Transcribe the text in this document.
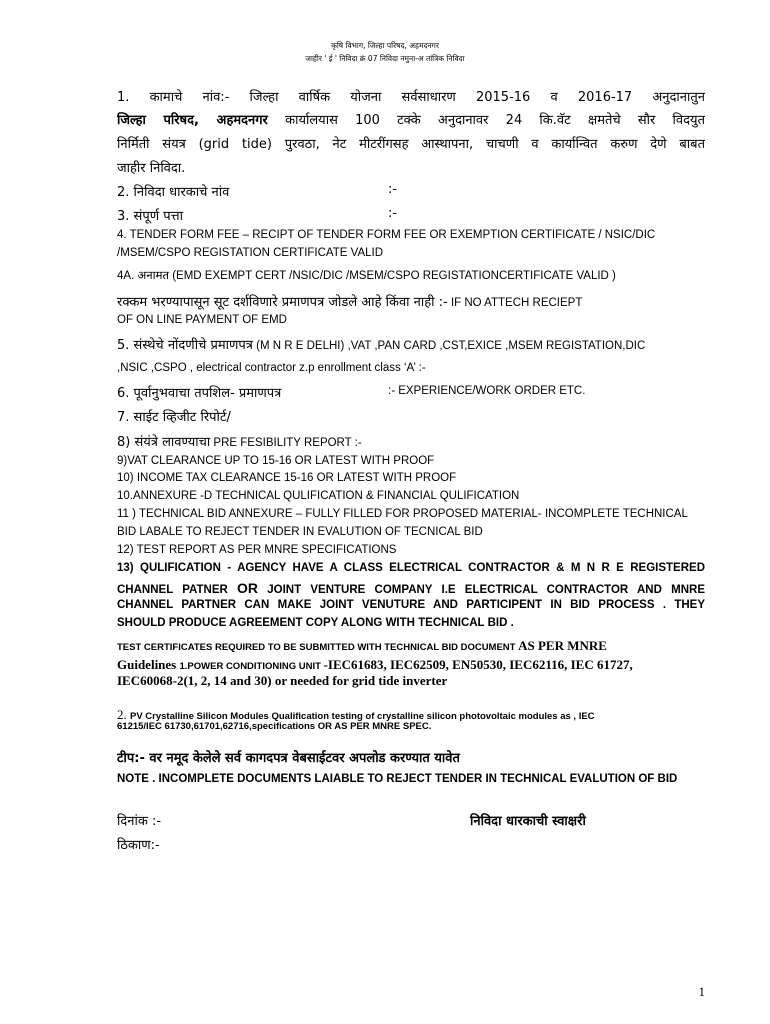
कृषि विभाग, जिल्हा परिषद, अहमदनगर
जाहीर ' ई ' निविदा क्रं 07 निविदा नमुना-अ तांत्रिक निविदा
1. कामाचे नांव:- जिल्हा वार्षिक योजना सर्वसाधारण 2015-16 व 2016-17 अनुदानातुन
जिल्हा परिषद, अहमदनगर कार्यालयास 100 टक्के अनुदानावर 24 कि.वॅट क्षमतेचे सौर विदयुत
निर्मिती संयत्र (grid tide) पुरवठा, नेट मीटरींगसह आस्थापना, चाचणी व कार्यान्वित करुण देणे बाबत
जाहीर निविदा.
2. निविदा धारकाचे नांव	:-
3. संपूर्ण पत्ता	:-
4. TENDER FORM FEE – RECIPT OF TENDER FORM FEE OR EXEMPTION CERTIFICATE / NSIC/DIC
/MSEM/CSPO REGISTATION CERTIFICATE VALID
4A. अनामत (EMD EXEMPT CERT /NSIC/DIC /MSEM/CSPO REGISTATIONCERTIFICATE VALID )
रक्कम भरण्यापासून सूट दर्शविणारे प्रमाणपत्र जोडले आहे किंवा नाही :- IF NO ATTECH RECIEPT
OF ON LINE PAYMENT OF EMD
5. संस्थेचे नोंदणीचे प्रमाणपत्र (M N R E DELHI) ,VAT ,PAN CARD ,CST,EXICE ,MSEM REGISTATION,DIC
,NSIC ,CSPO , electrical contractor z.p enrollment class ‘A’ :-
6. पूर्वानुभवाचा तपशिल- प्रमाणपत्र	:- EXPERIENCE/WORK ORDER ETC.
7. साईट व्हिजीट रिपोर्ट/
8) संयंत्रे लावण्याचा PRE FESIBILITY REPORT :-
9)VAT CLEARANCE UP TO 15-16 OR LATEST WITH PROOF
10) INCOME TAX CLEARANCE 15-16 OR LATEST WITH PROOF
10.ANNEXURE -D TECHNICAL QULIFICATION & FINANCIAL QULIFICATION
11 ) TECHNICAL BID ANNEXURE – FULLY FILLED FOR PROPOSED MATERIAL- INCOMPLETE TECHNICAL
BID LABALE TO REJECT TENDER IN EVALUTION OF TECNICAL BID
12) TEST REPORT AS PER MNRE SPECIFICATIONS
13) QULIFICATION - AGENCY HAVE A CLASS ELECTRICAL CONTRACTOR & M N R E REGISTERED
CHANNEL PATNER OR JOINT VENTURE COMPANY I.E ELECTRICAL CONTRACTOR AND MNRE
CHANNEL PARTNER CAN MAKE JOINT VENUTURE AND PARTICIPENT IN BID PROCESS . THEY
SHOULD PRODUCE AGREEMENT COPY ALONG WITH TECHNICAL BID .
TEST CERTIFICATES REQUIRED TO BE SUBMITTED WITH TECHNICAL BID DOCUMENT AS PER MNRE
Guidelines 1.POWER CONDITIONING UNIT -IEC61683, IEC62509, EN50530, IEC62116, IEC 61727,
IEC60068-2(1, 2, 14 and 30) or needed for grid tide inverter
2. PV Crystalline Silicon Modules Qualification testing of crystalline silicon photovoltaic modules as , IEC
61215/IEC 61730,61701,62716,specifications OR AS PER MNRE SPEC.
टीप:- वर नमूद केलेले सर्व कागदपत्र वेबसाईटवर अपलोड करण्यात यावेत
NOTE . INCOMPLETE DOCUMENTS LAIABLE TO REJECT TENDER IN TECHNICAL EVALUTION OF BID
दिनांक :-	निविदा धारकाची स्वाक्षरी
ठिकाण:-
1
